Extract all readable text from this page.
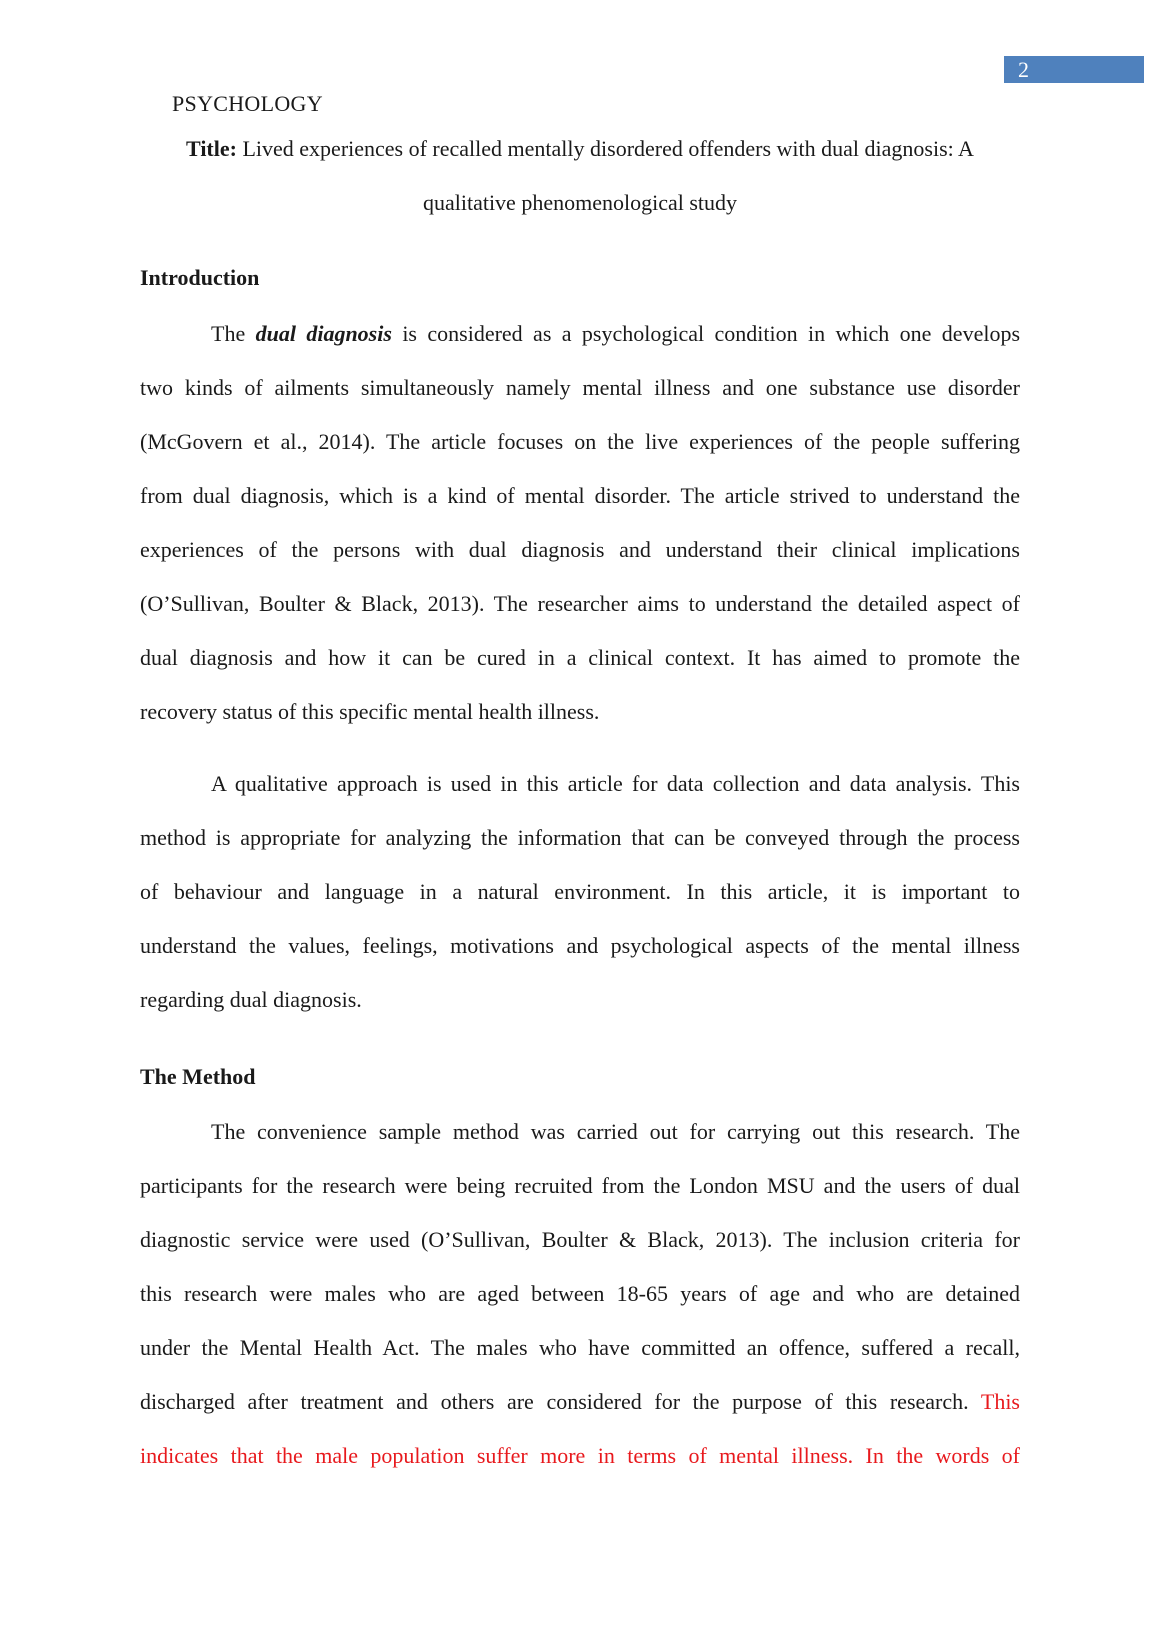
2
PSYCHOLOGY
Title: Lived experiences of recalled mentally disordered offenders with dual diagnosis: A
qualitative phenomenological study
Introduction
The dual diagnosis is considered as a psychological condition in which one develops
two kinds of ailments simultaneously namely mental illness and one substance use disorder
(McGovern et al., 2014). The article focuses on the live experiences of the people suffering
from dual diagnosis, which is a kind of mental disorder. The article strived to understand the
experiences of the persons with dual diagnosis and understand their clinical implications
(O’Sullivan, Boulter & Black, 2013). The researcher aims to understand the detailed aspect of
dual diagnosis and how it can be cured in a clinical context. It has aimed to promote the
recovery status of this specific mental health illness.
A qualitative approach is used in this article for data collection and data analysis. This
method is appropriate for analyzing the information that can be conveyed through the process
of behaviour and language in a natural environment. In this article, it is important to
understand the values, feelings, motivations and psychological aspects of the mental illness
regarding dual diagnosis.
The Method
The convenience sample method was carried out for carrying out this research. The
participants for the research were being recruited from the London MSU and the users of dual
diagnostic service were used (O’Sullivan, Boulter & Black, 2013). The inclusion criteria for
this research were males who are aged between 18-65 years of age and who are detained
under the Mental Health Act. The males who have committed an offence, suffered a recall,
discharged after treatment and others are considered for the purpose of this research. This
indicates that the male population suffer more in terms of mental illness. In the words of
